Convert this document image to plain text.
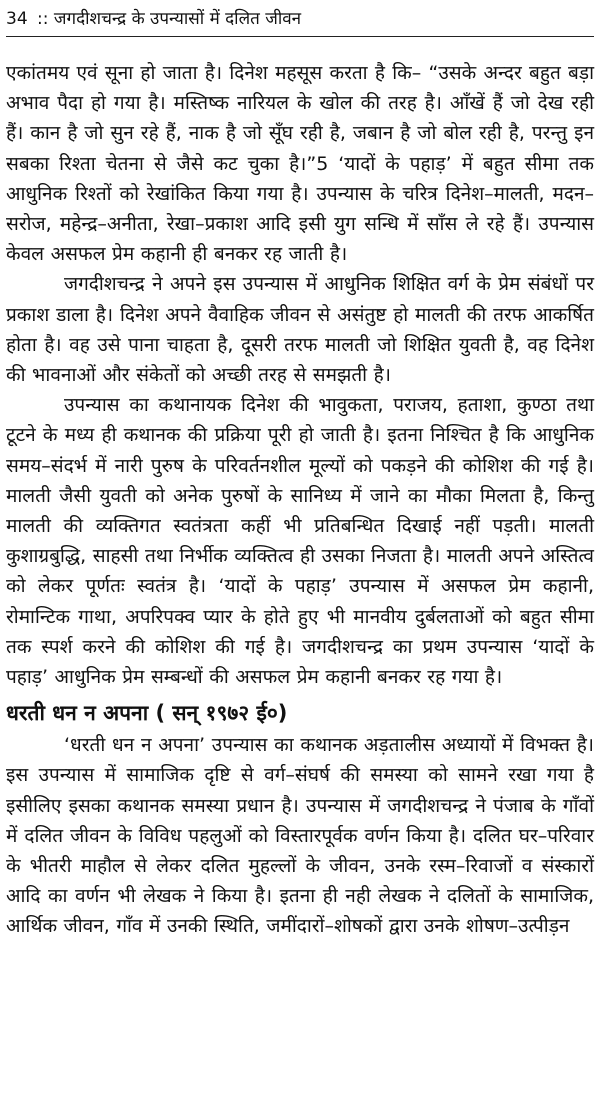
34 :: जगदीशचन्द्र के उपन्यासों में दलित जीवन

एकांतमय एवं सूना हो जाता है। दिनेश महसूस करता है कि– “उसके अन्दर बहुत बड़ा अभाव पैदा हो गया है। मस्तिष्क नारियल के खोल की तरह है। आँखें हैं जो देख रही हैं। कान है जो सुन रहे हैं, नाक है जो सूँघ रही है, जबान है जो बोल रही है, परन्तु इन सबका रिश्ता चेतना से जैसे कट चुका है।”5 ‘यादों के पहाड़’ में बहुत सीमा तक आधुनिक रिश्तों को रेखांकित किया गया है। उपन्यास के चरित्र दिनेश–मालती, मदन–सरोज, महेन्द्र–अनीता, रेखा–प्रकाश आदि इसी युग सन्धि में साँस ले रहे हैं। उपन्यास केवल असफल प्रेम कहानी ही बनकर रह जाती है।

जगदीशचन्द्र ने अपने इस उपन्यास में आधुनिक शिक्षित वर्ग के प्रेम संबंधों पर प्रकाश डाला है। दिनेश अपने वैवाहिक जीवन से असंतुष्ट हो मालती की तरफ आकर्षित होता है। वह उसे पाना चाहता है, दूसरी तरफ मालती जो शिक्षित युवती है, वह दिनेश की भावनाओं और संकेतों को अच्छी तरह से समझती है।

उपन्यास का कथानायक दिनेश की भावुकता, पराजय, हताशा, कुण्ठा तथा टूटने के मध्य ही कथानक की प्रक्रिया पूरी हो जाती है। इतना निश्चित है कि आधुनिक समय–संदर्भ में नारी पुरुष के परिवर्तनशील मूल्यों को पकड़ने की कोशिश की गई है। मालती जैसी युवती को अनेक पुरुषों के सानिध्य में जाने का मौका मिलता है, किन्तु मालती की व्यक्तिगत स्वतंत्रता कहीं भी प्रतिबन्धित दिखाई नहीं पड़ती। मालती कुशाग्रबुद्धि, साहसी तथा निर्भीक व्यक्तित्व ही उसका निजता है। मालती अपने अस्तित्व को लेकर पूर्णतः स्वतंत्र है। ‘यादों के पहाड़’ उपन्यास में असफल प्रेम कहानी, रोमान्टिक गाथा, अपरिपक्व प्यार के होते हुए भी मानवीय दुर्बलताओं को बहुत सीमा तक स्पर्श करने की कोशिश की गई है। जगदीशचन्द्र का प्रथम उपन्यास ‘यादों के पहाड़’ आधुनिक प्रेम सम्बन्धों की असफल प्रेम कहानी बनकर रह गया है।

धरती धन न अपना ( सन् १९७२ ई०)

‘धरती धन न अपना’ उपन्यास का कथानक अड़तालीस अध्यायों में विभक्त है। इस उपन्यास में सामाजिक दृष्टि से वर्ग–संघर्ष की समस्या को सामने रखा गया है इसीलिए इसका कथानक समस्या प्रधान है। उपन्यास में जगदीशचन्द्र ने पंजाब के गाँवों में दलित जीवन के विविध पहलुओं को विस्तारपूर्वक वर्णन किया है। दलित घर–परिवार के भीतरी माहौल से लेकर दलित मुहल्लों के जीवन, उनके रस्म–रिवाजों व संस्कारों आदि का वर्णन भी लेखक ने किया है। इतना ही नही लेखक ने दलितों के सामाजिक, आर्थिक जीवन, गाँव में उनकी स्थिति, जमींदारों–शोषकों द्वारा उनके शोषण–उत्पीड़न
